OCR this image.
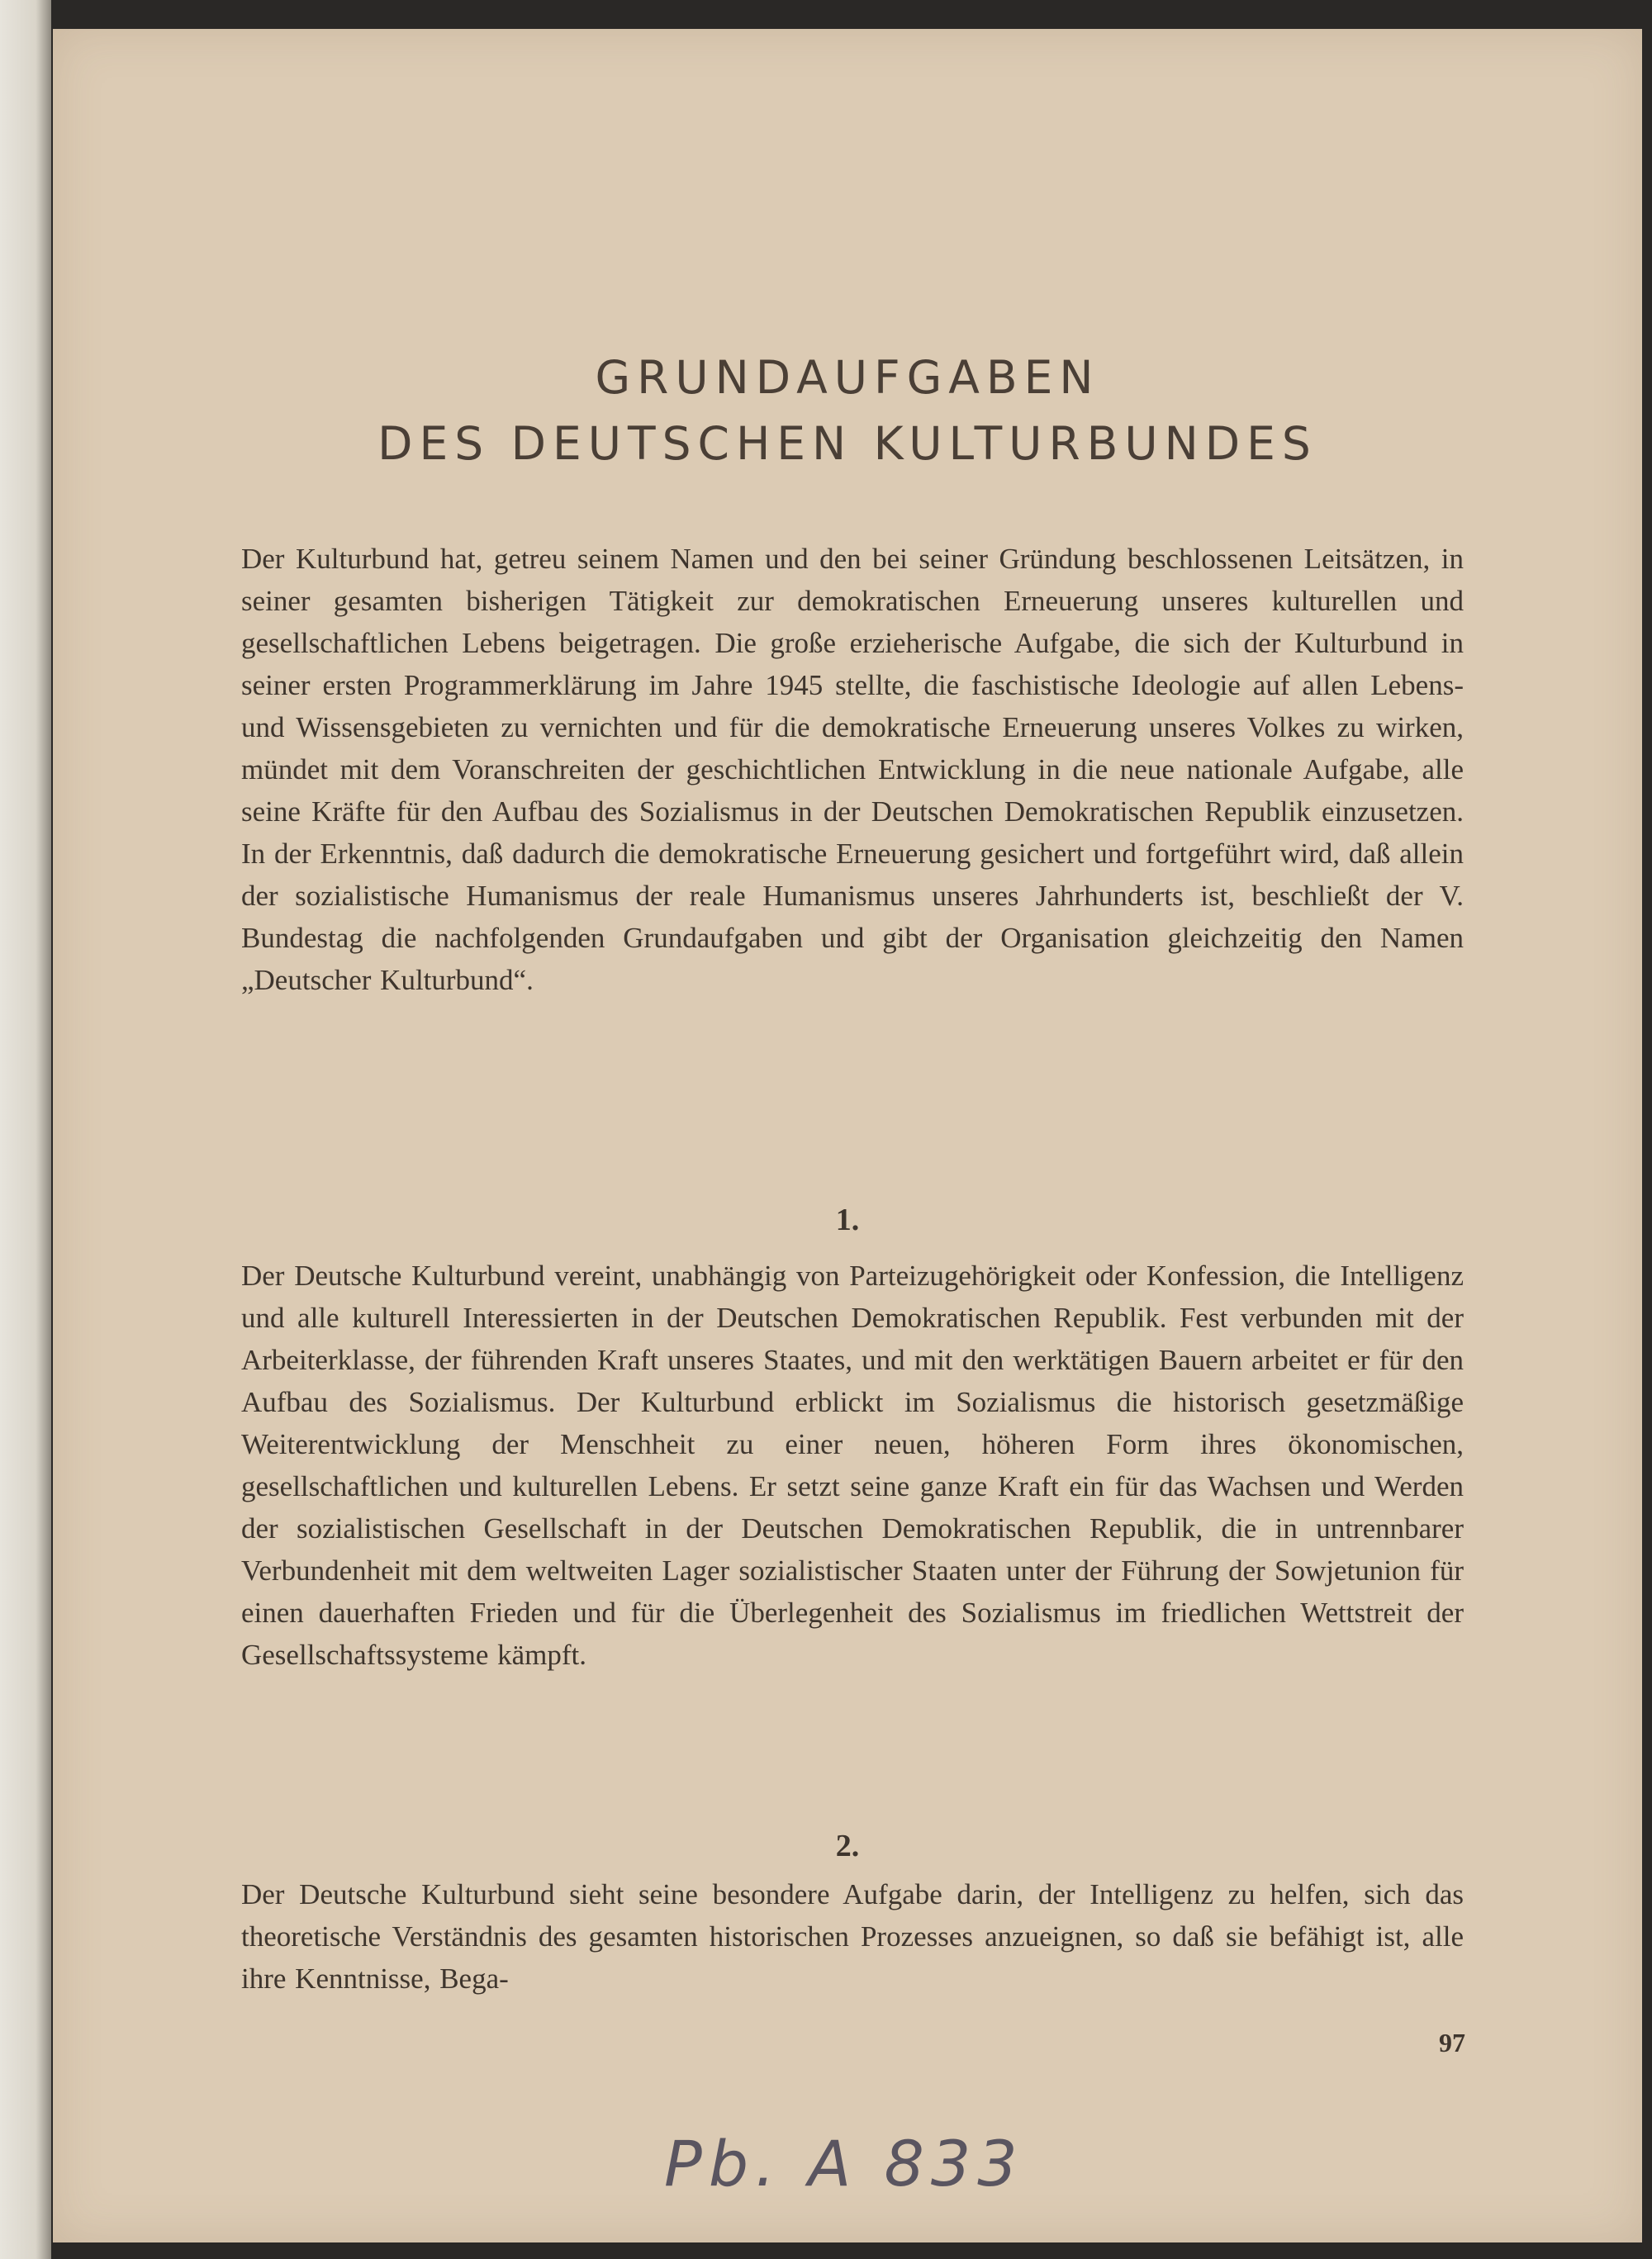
GRUNDAUFGABEN
DES DEUTSCHEN KULTURBUNDES

Der Kulturbund hat, getreu seinem Namen und den bei seiner Gründung beschlossenen Leitsätzen, in seiner gesamten bisherigen Tätigkeit zur demokratischen Erneuerung unseres kulturellen und gesellschaftlichen Lebens beigetragen. Die große erzieherische Aufgabe, die sich der Kulturbund in seiner ersten Programmerklärung im Jahre 1945 stellte, die faschistische Ideologie auf allen Lebens- und Wissensgebieten zu vernichten und für die demokratische Erneuerung unseres Volkes zu wirken, mündet mit dem Voranschreiten der geschichtlichen Entwicklung in die neue nationale Aufgabe, alle seine Kräfte für den Aufbau des Sozialismus in der Deutschen Demokratischen Republik einzusetzen. In der Erkenntnis, daß dadurch die demokratische Erneuerung gesichert und fortgeführt wird, daß allein der sozialistische Humanismus der reale Humanismus unseres Jahrhunderts ist, beschließt der V. Bundestag die nachfolgenden Grundaufgaben und gibt der Organisation gleichzeitig den Namen „Deutscher Kulturbund“.

1.

Der Deutsche Kulturbund vereint, unabhängig von Parteizugehörigkeit oder Konfession, die Intelligenz und alle kulturell Interessierten in der Deutschen Demokratischen Republik. Fest verbunden mit der Arbeiterklasse, der führenden Kraft unseres Staates, und mit den werktätigen Bauern arbeitet er für den Aufbau des Sozialismus. Der Kulturbund erblickt im Sozialismus die historisch gesetzmäßige Weiterentwicklung der Menschheit zu einer neuen, höheren Form ihres ökonomischen, gesellschaftlichen und kulturellen Lebens. Er setzt seine ganze Kraft ein für das Wachsen und Werden der sozialistischen Gesellschaft in der Deutschen Demokratischen Republik, die in untrennbarer Verbundenheit mit dem weltweiten Lager sozialistischer Staaten unter der Führung der Sowjetunion für einen dauerhaften Frieden und für die Überlegenheit des Sozialismus im friedlichen Wettstreit der Gesellschaftssysteme kämpft.

2.

Der Deutsche Kulturbund sieht seine besondere Aufgabe darin, der Intelligenz zu helfen, sich das theoretische Verständnis des gesamten historischen Prozesses anzueignen, so daß sie befähigt ist, alle ihre Kenntnisse, Bega-

97
Pb. A 833
